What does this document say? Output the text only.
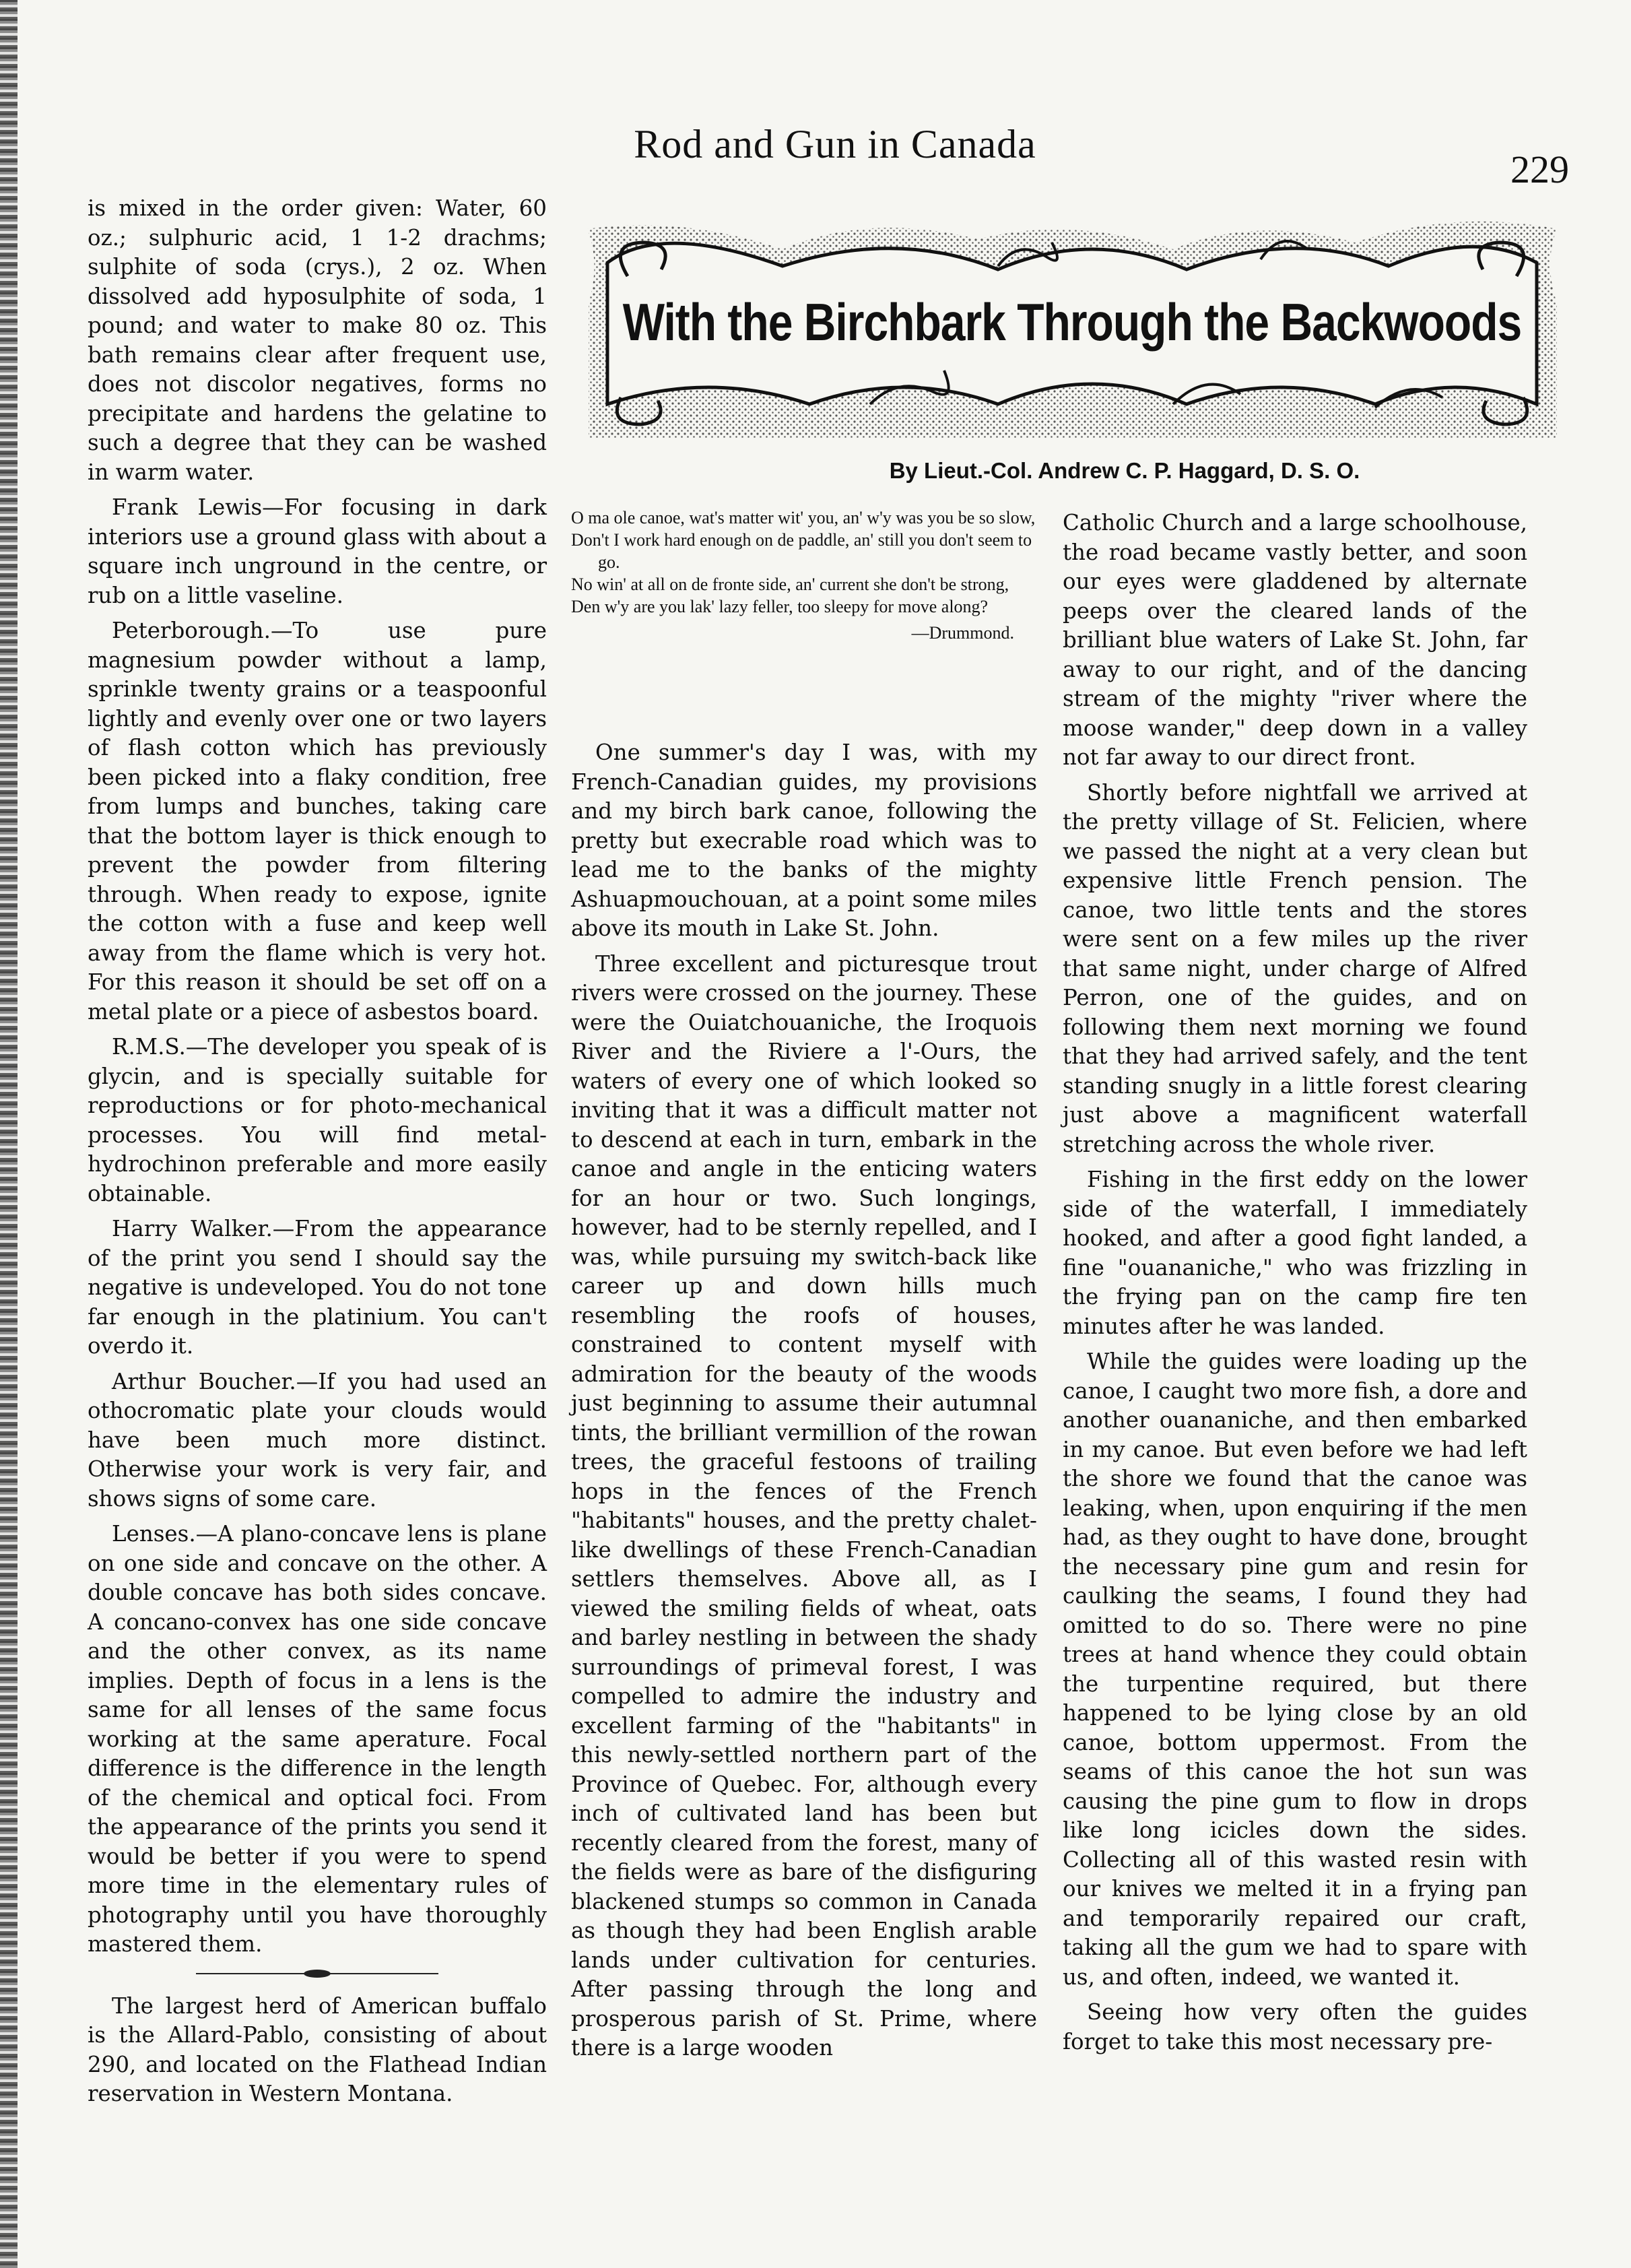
Rod and Gun in Canada
229

is mixed in the order given: Water, 60 oz.; sulphuric acid, 1 1-2 drachms; sulphite of soda (crys.), 2 oz. When dissolved add hyposulphite of soda, 1 pound; and water to make 80 oz. This bath remains clear after frequent use, does not discolor negatives, forms no precipitate and hardens the gelatine to such a degree that they can be washed in warm water.

Frank Lewis—For focusing in dark interiors use a ground glass with about a square inch unground in the centre, or rub on a little vaseline.

Peterborough.—To use pure magnesium powder without a lamp, sprinkle twenty grains or a teaspoonful lightly and evenly over one or two layers of flash cotton which has previously been picked into a flaky condition, free from lumps and bunches, taking care that the bottom layer is thick enough to prevent the powder from filtering through. When ready to expose, ignite the cotton with a fuse and keep well away from the flame which is very hot. For this reason it should be set off on a metal plate or a piece of asbestos board.

R.M.S.—The developer you speak of is glycin, and is specially suitable for reproductions or for photo-mechanical processes. You will find metal-hydrochinon preferable and more easily obtainable.

Harry Walker.—From the appearance of the print you send I should say the negative is undeveloped. You do not tone far enough in the platinium. You can't overdo it.

Arthur Boucher.—If you had used an othocromatic plate your clouds would have been much more distinct. Otherwise your work is very fair, and shows signs of some care.

Lenses.—A plano-concave lens is plane on one side and concave on the other. A double concave has both sides concave. A concano-convex has one side concave and the other convex, as its name implies. Depth of focus in a lens is the same for all lenses of the same focus working at the same aperature. Focal difference is the difference in the length of the chemical and optical foci. From the appearance of the prints you send it would be better if you were to spend more time in the elementary rules of photography until you have thoroughly mastered them.

The largest herd of American buffalo is the Allard-Pablo, consisting of about 290, and located on the Flathead Indian reservation in Western Montana.

With the Birchbark Through the Backwoods
By Lieut.-Col. Andrew C. P. Haggard, D. S. O.
O ma ole canoe, wat's matter wit' you, an' w'y was you be so slow,
Don't I work hard enough on de paddle, an' still you don't seem to go.
No win' at all on de fronte side, an' current she don't be strong,
Den w'y are you lak' lazy feller, too sleepy for move along?
—Drummond.

One summer's day I was, with my French-Canadian guides, my provisions and my birch bark canoe, following the pretty but execrable road which was to lead me to the banks of the mighty Ashuapmouchouan, at a point some miles above its mouth in Lake St. John.

Three excellent and picturesque trout rivers were crossed on the journey. These were the Ouiatchouaniche, the Iroquois River and the Riviere a l'-Ours, the waters of every one of which looked so inviting that it was a difficult matter not to descend at each in turn, embark in the canoe and angle in the enticing waters for an hour or two. Such longings, however, had to be sternly repelled, and I was, while pursuing my switch-back like career up and down hills much resembling the roofs of houses, constrained to content myself with admiration for the beauty of the woods just beginning to assume their autumnal tints, the brilliant vermillion of the rowan trees, the graceful festoons of trailing hops in the fences of the French "habitants" houses, and the pretty chalet-like dwellings of these French-Canadian settlers themselves. Above all, as I viewed the smiling fields of wheat, oats and barley nestling in between the shady surroundings of primeval forest, I was compelled to admire the industry and excellent farming of the "habitants" in this newly-settled northern part of the Province of Quebec. For, although every inch of cultivated land has been but recently cleared from the forest, many of the fields were as bare of the disfiguring blackened stumps so common in Canada as though they had been English arable lands under cultivation for centuries. After passing through the long and prosperous parish of St. Prime, where there is a large wooden

Catholic Church and a large schoolhouse, the road became vastly better, and soon our eyes were gladdened by alternate peeps over the cleared lands of the brilliant blue waters of Lake St. John, far away to our right, and of the dancing stream of the mighty "river where the moose wander," deep down in a valley not far away to our direct front.

Shortly before nightfall we arrived at the pretty village of St. Felicien, where we passed the night at a very clean but expensive little French pension. The canoe, two little tents and the stores were sent on a few miles up the river that same night, under charge of Alfred Perron, one of the guides, and on following them next morning we found that they had arrived safely, and the tent standing snugly in a little forest clearing just above a magnificent waterfall stretching across the whole river.

Fishing in the first eddy on the lower side of the waterfall, I immediately hooked, and after a good fight landed, a fine "ouananiche," who was frizzling in the frying pan on the camp fire ten minutes after he was landed.

While the guides were loading up the canoe, I caught two more fish, a dore and another ouananiche, and then embarked in my canoe. But even before we had left the shore we found that the canoe was leaking, when, upon enquiring if the men had, as they ought to have done, brought the necessary pine gum and resin for caulking the seams, I found they had omitted to do so. There were no pine trees at hand whence they could obtain the turpentine required, but there happened to be lying close by an old canoe, bottom uppermost. From the seams of this canoe the hot sun was causing the pine gum to flow in drops like long icicles down the sides. Collecting all of this wasted resin with our knives we melted it in a frying pan and temporarily repaired our craft, taking all the gum we had to spare with us, and often, indeed, we wanted it.

Seeing how very often the guides forget to take this most necessary pre-
